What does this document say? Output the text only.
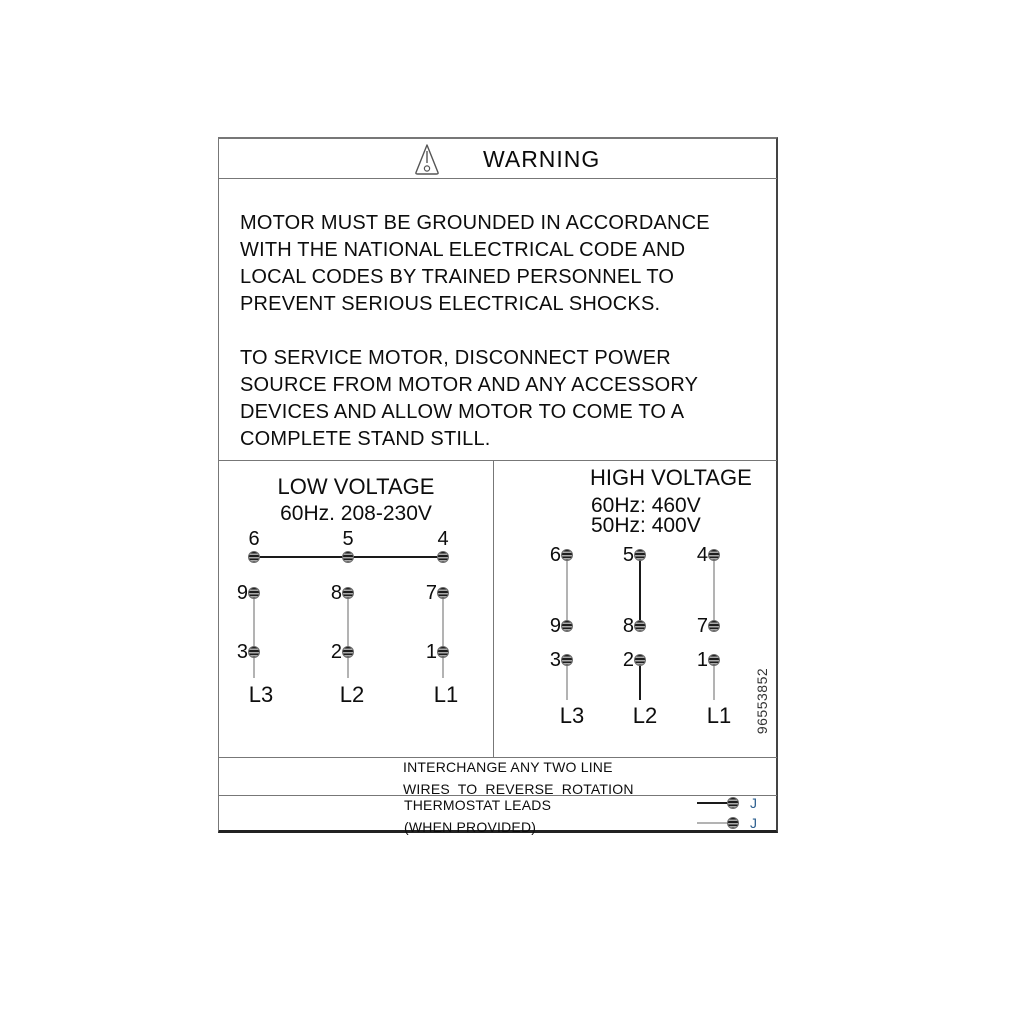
WARNING
MOTOR MUST BE GROUNDED IN ACCORDANCE
WITH THE NATIONAL ELECTRICAL CODE AND
LOCAL CODES BY TRAINED PERSONNEL TO
PREVENT SERIOUS ELECTRICAL SHOCKS.
TO SERVICE MOTOR, DISCONNECT POWER
SOURCE FROM MOTOR AND ANY ACCESSORY
DEVICES AND ALLOW MOTOR TO COME TO A
COMPLETE STAND STILL.
LOW VOLTAGE
60Hz. 208-230V
6	5	4
9	8	7
3	2	1
L3	L2	L1
HIGH VOLTAGE
60Hz: 460V
50Hz: 400V
6	5	4
9	8	7
3	2	1
L3 L2 L1 96553852
INTERCHANGE ANY TWO LINE
WIRES TO REVERSE ROTATION
THERMOSTAT LEADS
(WHEN PROVIDED)
J
J
